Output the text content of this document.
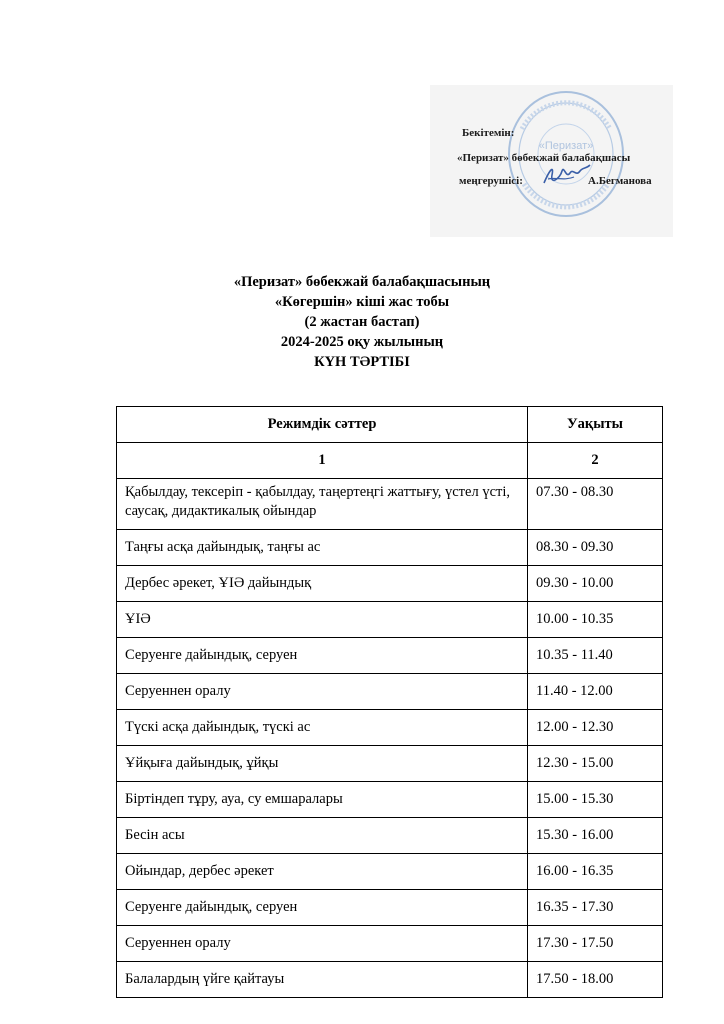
«Перизат»
Бекітемін:
«Перизат» бөбекжай балабақшасы
меңгерушісі:	А.Бегманова
«Перизат» бөбекжай балабақшасының
«Көгершін» кіші жас тобы
(2 жастан бастап)
2024-2025 оқу жылының
КҮН ТӘРТІБІ
Режимдік сәттер	Уақыты
1	2
Қабылдау, тексеріп - қабылдау, таңертеңгі жаттығу, үстел үсті, саусақ, дидактикалық ойындар	07.30 - 08.30
Таңғы асқа дайындық, таңғы ас	08.30 - 09.30
Дербес әрекет, ҰІӘ дайындық	09.30 - 10.00
ҰІӘ	10.00 - 10.35
Серуенге дайындық, серуен	10.35 - 11.40
Серуеннен оралу	11.40 - 12.00
Түскі асқа дайындық, түскі ас	12.00 - 12.30
Ұйқыға дайындық, ұйқы	12.30 - 15.00
Біртіндеп тұру, ауа, су емшаралары	15.00 - 15.30
Бесін асы	15.30 - 16.00
Ойындар, дербес әрекет	16.00 - 16.35
Серуенге дайындық, серуен	16.35 - 17.30
Серуеннен оралу	17.30 - 17.50
Балалардың үйге қайтауы	17.50 - 18.00
